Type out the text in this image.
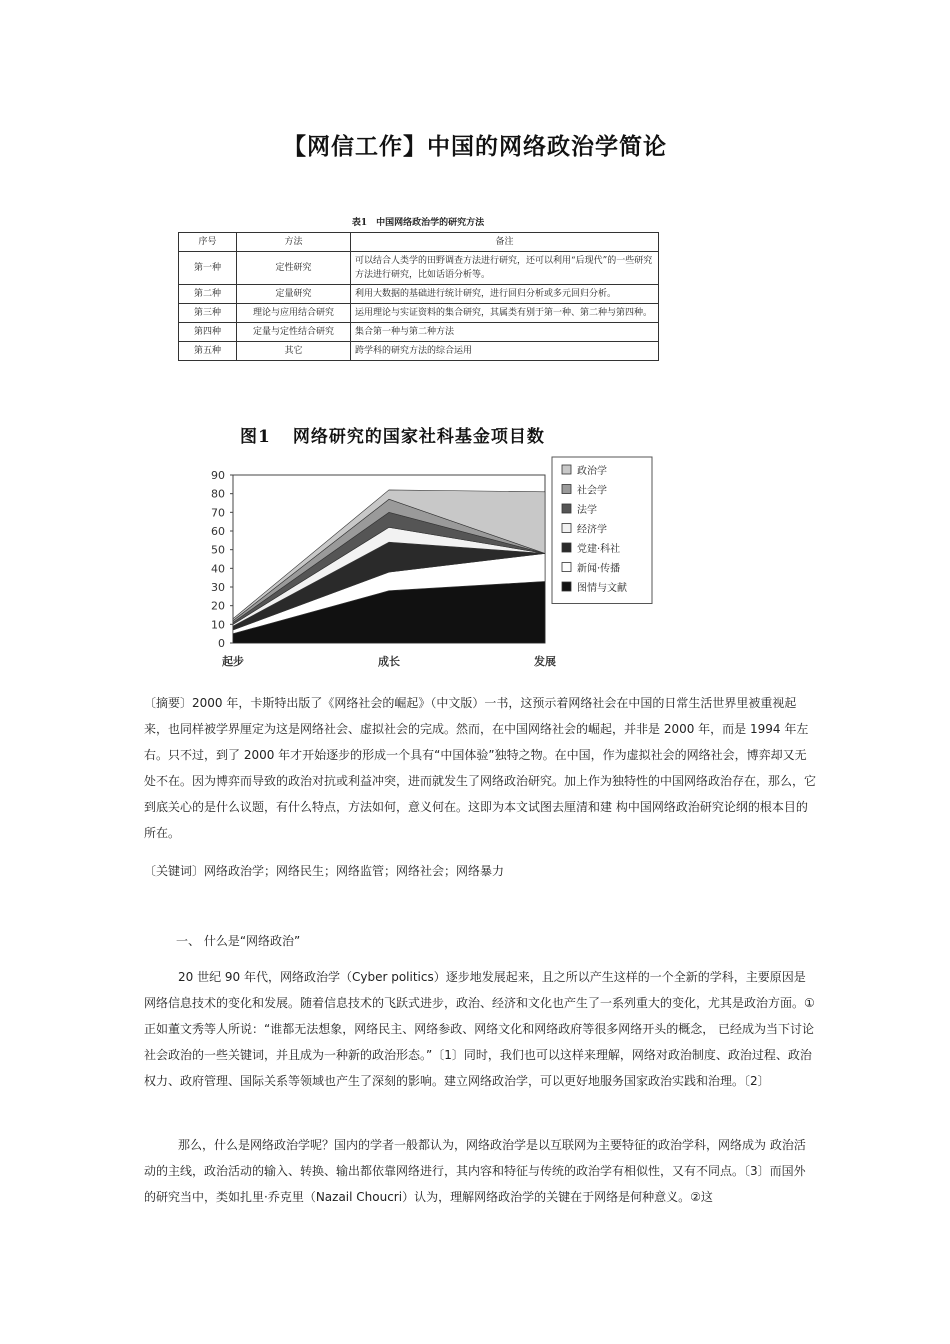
【网信工作】中国的网络政治学简论
表1　中国网络政治学的研究方法
序号	方法	备注
第一种	定性研究	可以结合人类学的田野调查方法进行研究，还可以利用“后现代”的一些研究方法进行研究，比如话语分析等。
第二种	定量研究	利用大数据的基础进行统计研究，进行回归分析或多元回归分析。
第三种	理论与应用结合研究	运用理论与实证资料的集合研究，其属类有别于第一种、第二种与第四种。
第四种	定量与定性结合研究	集合第一种与第二种方法
第五种	其它	跨学科的研究方法的综合运用
图1 网络研究的国家社科基金项目数
0
10
20
30
40
50
60
70
80
90
起步	成长	发展
政治学
社会学
法学
经济学
党建·科社
新闻·传播
图情与文献

〔摘要〕2000 年，卡斯特出版了《网络社会的崛起》（中文版）一书，这预示着网络社会在中国的日常生活世界里被重视起来，也同样被学界厘定为这是网络社会、虚拟社会的完成。然而，在中国网络社会的崛起，并非是 2000 年，而是 1994 年左右。只不过，到了 2000 年才开始逐步的形成一个具有“中国体验”独特之物。在中国，作为虚拟社会的网络社会，博弈却又无处不在。因为博弈而导致的政治对抗或利益冲突，进而就发生了网络政治研究。加上作为独特性的中国网络政治存在，那么，它到底关心的是什么议题，有什么特点，方法如何，意义何在。这即为本文试图去厘清和建 构中国网络政治研究论纲的根本目的所在。

〔关键词〕网络政治学；网络民生；网络监管；网络社会；网络暴力

一、 什么是“网络政治”

20 世纪 90 年代，网络政治学（Cyber politics）逐步地发展起来，且之所以产生这样的一个全新的学科，主要原因是网络信息技术的变化和发展。随着信息技术的飞跃式进步，政治、经济和文化也产生了一系列重大的变化，尤其是政治方面。①正如董文秀等人所说：“谁都无法想象，网络民主、网络参政、网络文化和网络政府等很多网络开头的概念， 已经成为当下讨论社会政治的一些关键词，并且成为一种新的政治形态。”〔1〕同时，我们也可以这样来理解，网络对政治制度、政治过程、政治权力、政府管理、国际关系等领域也产生了深刻的影响。建立网络政治学，可以更好地服务国家政治实践和治理。〔2〕

那么，什么是网络政治学呢？国内的学者一般都认为，网络政治学是以互联网为主要特征的政治学科，网络成为 政治活动的主线，政治活动的输入、转换、输出都依靠网络进行，其内容和特征与传统的政治学有相似性，又有不同点。〔3〕而国外的研究当中，类如扎里·乔克里（Nazail Choucri）认为，理解网络政治学的关键在于网络是何种意义。②这
